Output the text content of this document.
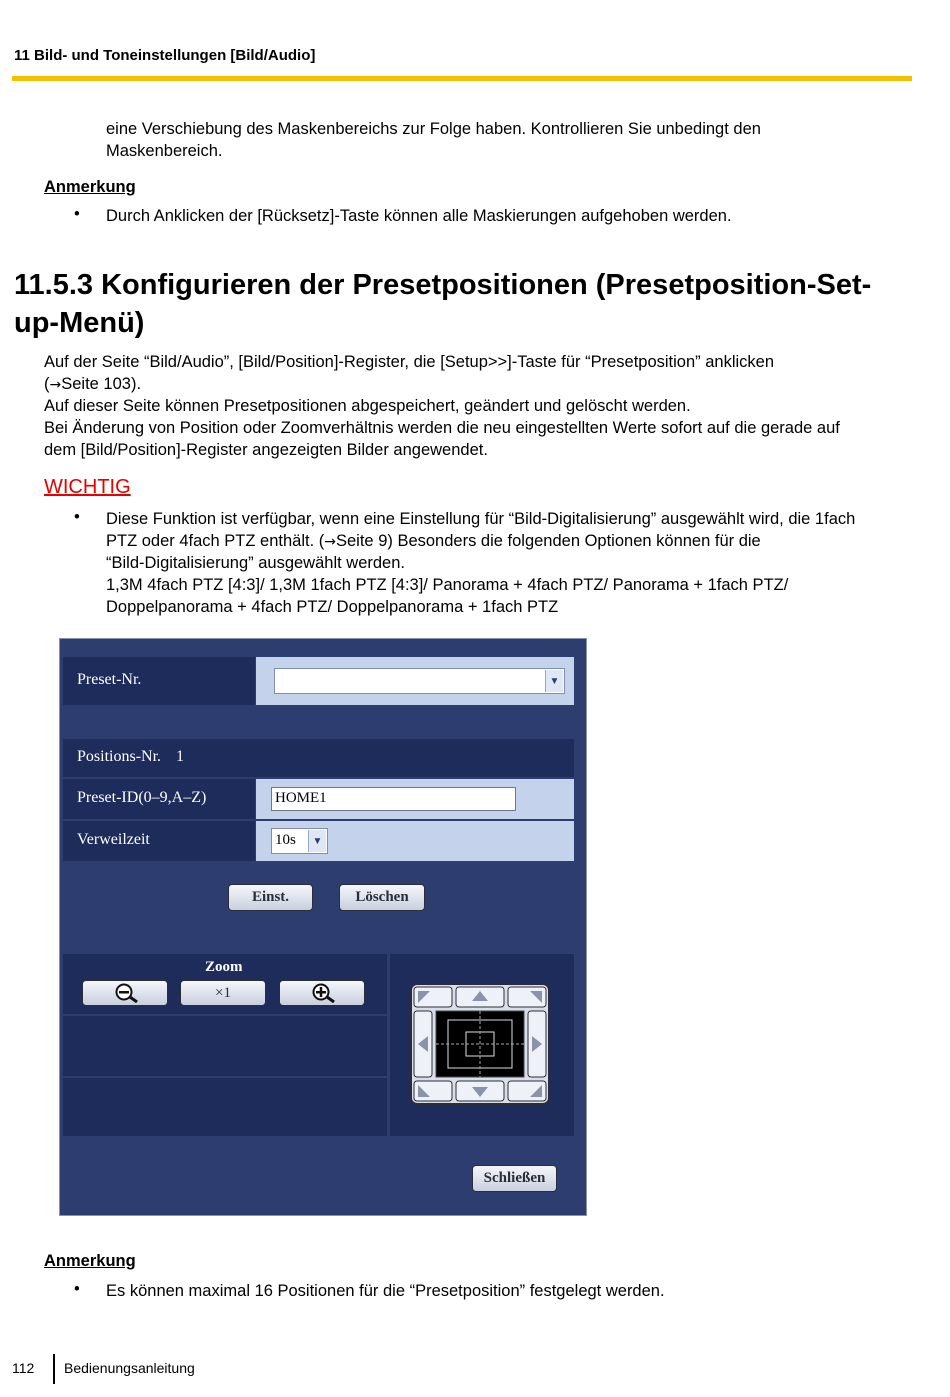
11 Bild- und Toneinstellungen [Bild/Audio]
eine Verschiebung des Maskenbereichs zur Folge haben. Kontrollieren Sie unbedingt den
Maskenbereich.
Anmerkung
• Durch Anklicken der [Rücksetz]-Taste können alle Maskierungen aufgehoben werden.
11.5.3 Konfigurieren der Presetpositionen (Presetposition-Set-
up-Menü)
Auf der Seite “Bild/Audio”, [Bild/Position]-Register, die [Setup>>]-Taste für “Presetposition” anklicken
(→Seite 103).
Auf dieser Seite können Presetpositionen abgespeichert, geändert und gelöscht werden.
Bei Änderung von Position oder Zoomverhältnis werden die neu eingestellten Werte sofort auf die gerade auf
dem [Bild/Position]-Register angezeigten Bilder angewendet.
WICHTIG
• Diese Funktion ist verfügbar, wenn eine Einstellung für “Bild-Digitalisierung” ausgewählt wird, die 1fach
PTZ oder 4fach PTZ enthält. (→Seite 9) Besonders die folgenden Optionen können für die
“Bild-Digitalisierung” ausgewählt werden.
1,3M 4fach PTZ [4:3]/ 1,3M 1fach PTZ [4:3]/ Panorama + 4fach PTZ/ Panorama + 1fach PTZ/
Doppelpanorama + 4fach PTZ/ Doppelpanorama + 1fach PTZ
Preset-Nr.	▼
Positions-Nr. 1
Preset-ID(0–9,A–Z)	HOME1
Verweilzeit	10s	▼
Einst.	Löschen
Zoom
×1
Schließen
Anmerkung
• Es können maximal 16 Positionen für die “Presetposition” festgelegt werden.
112 Bedienungsanleitung
